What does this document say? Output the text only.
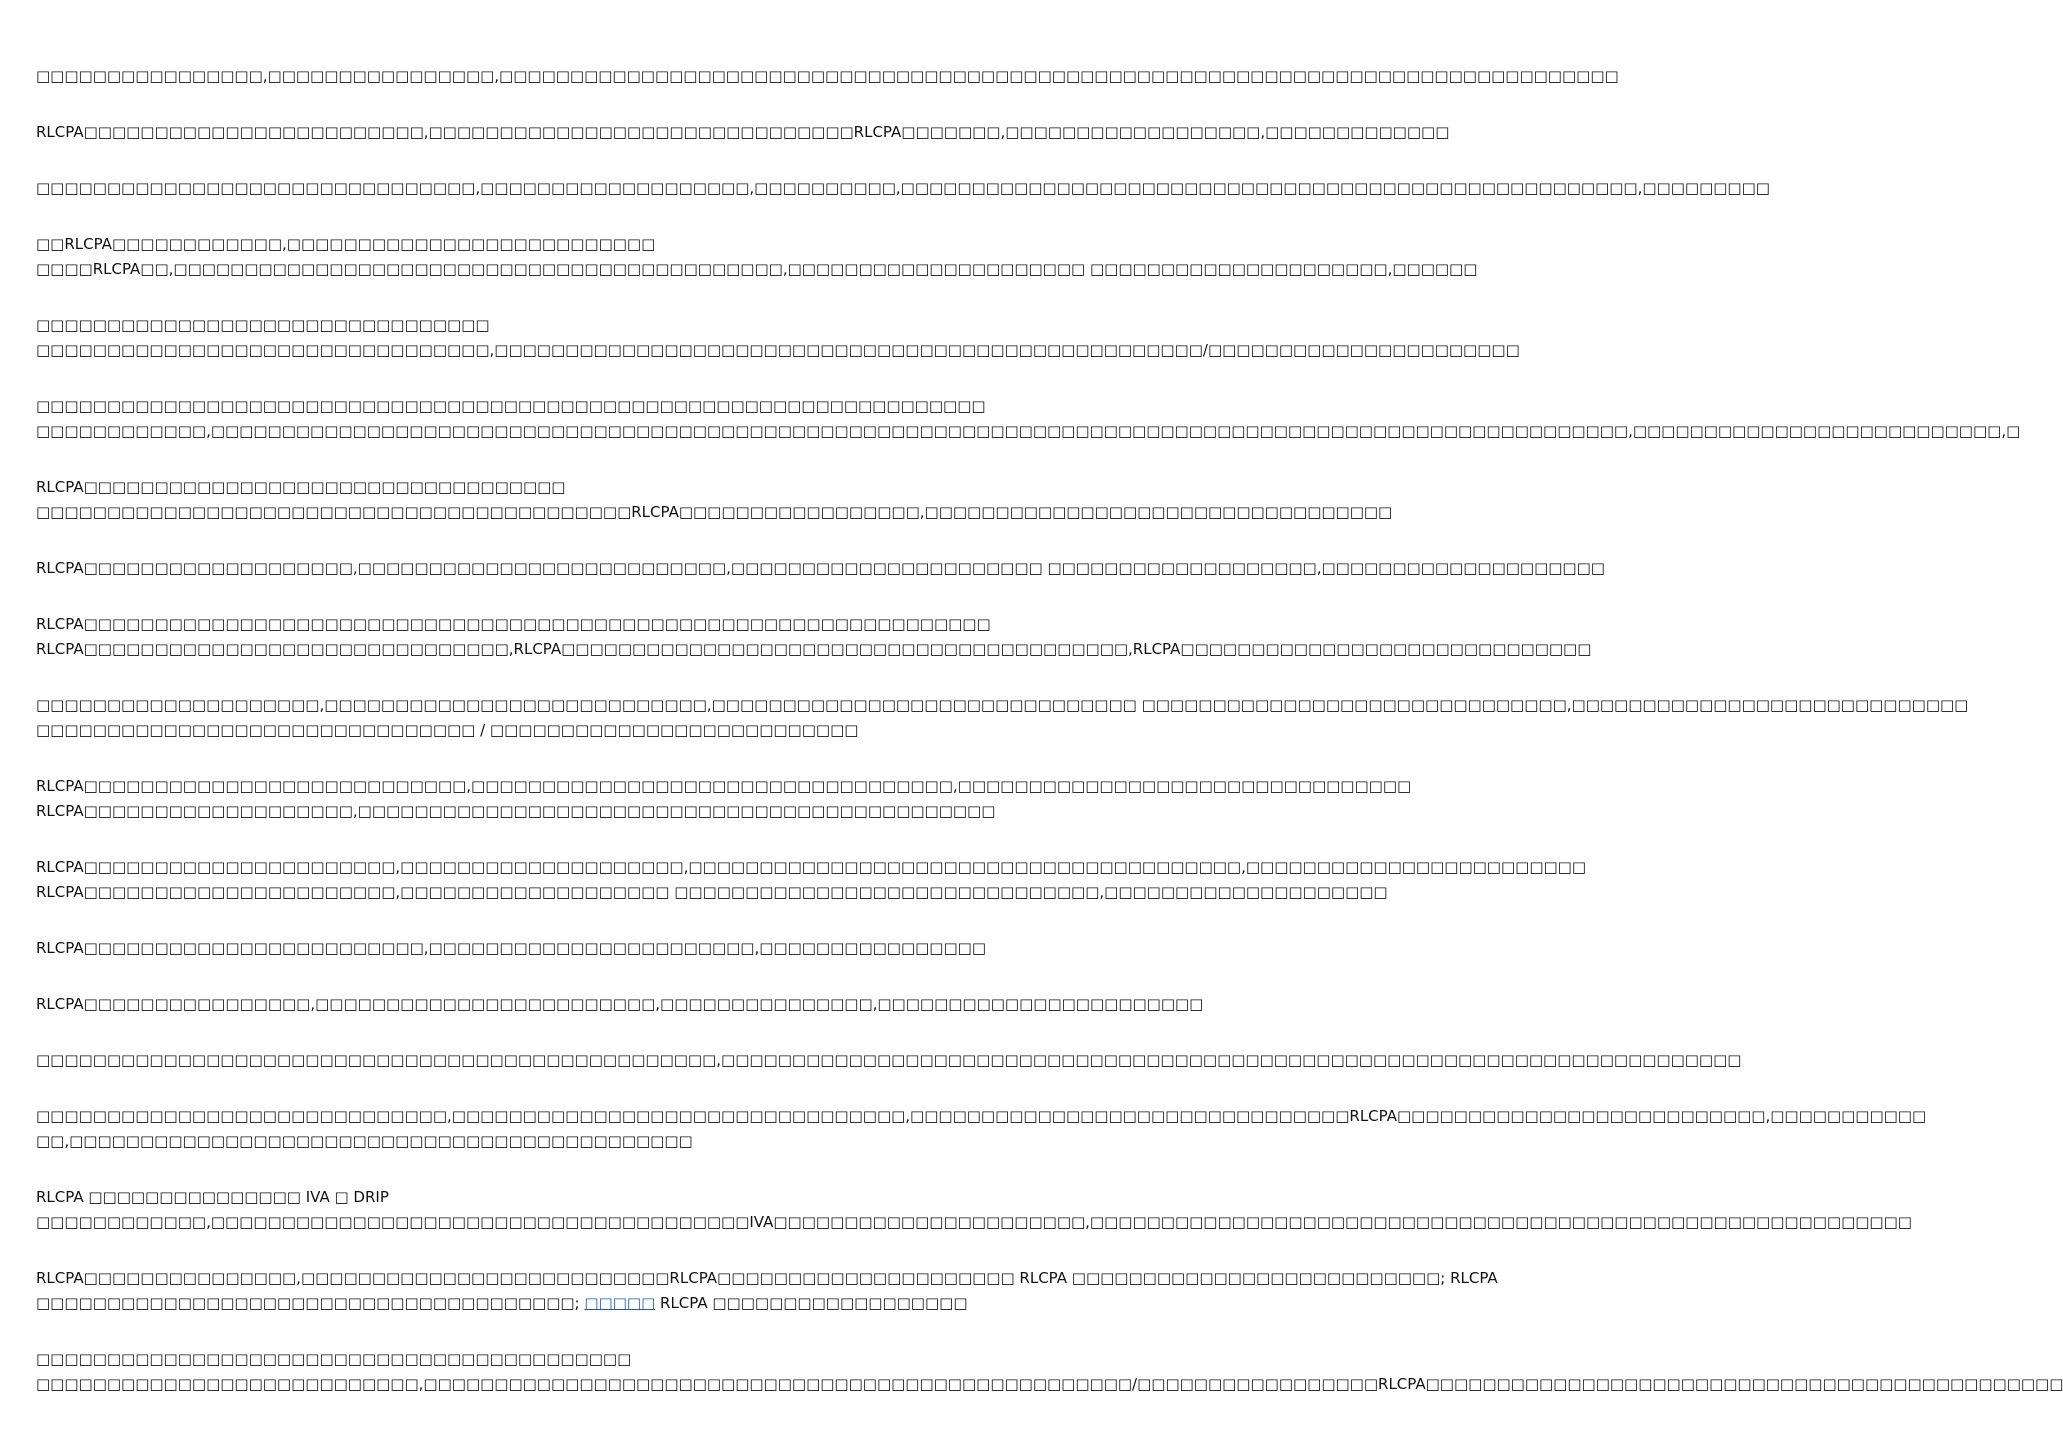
□□□□□□□□□□□□□□□□,□□□□□□□□□□□□□□□□,□□□□□□□□□□□□□□□□□□□□□□□□□□□□□□□□□□□□□□□□□□□□□□□□□□□□□□□□□□□□□□□□□□□□□□□□□□□□□□□

RLCPA□□□□□□□□□□□□□□□□□□□□□□□□,□□□□□□□□□□□□□□□□□□□□□□□□□□□□□□RLCPA□□□□□□□,□□□□□□□□□□□□□□□□□□,□□□□□□□□□□□□□

□□□□□□□□□□□□□□□□□□□□□□□□□□□□□□□,□□□□□□□□□□□□□□□□□□□,□□□□□□□□□□,□□□□□□□□□□□□□□□□□□□□□□□□□□□□□□□□□□□□□□□□□□□□□□□□□□□□,□□□□□□□□□

□□RLCPA□□□□□□□□□□□□,□□□□□□□□□□□□□□□□□□□□□□□□□□
□□□□RLCPA□□,□□□□□□□□□□□□□□□□□□□□□□□□□□□□□□□□□□□□□□□□□□□,□□□□□□□□□□□□□□□□□□□□□ □□□□□□□□□□□□□□□□□□□□□,□□□□□□

□□□□□□□□□□□□□□□□□□□□□□□□□□□□□□□□
□□□□□□□□□□□□□□□□□□□□□□□□□□□□□□□□,□□□□□□□□□□□□□□□□□□□□□□□□□□□□□□□□□□□□□□□□□□□□□□□□□□/□□□□□□□□□□□□□□□□□□□□□□

□□□□□□□□□□□□□□□□□□□□□□□□□□□□□□□□□□□□□□□□□□□□□□□□□□□□□□□□□□□□□□□□□□□
□□□□□□□□□□□□,□□□□□□□□□□□□□□□□□□□□□□□□□□□□□□□□□□□□□□□□□□□□□□□□□□□□□□□□□□□□□□□□□□□□□□□□□□□□□□□□□□□□□□□□□□□□□□□□□□□□,□□□□□□□□□□□□□□□□□□□□□□□□□□,□

RLCPA□□□□□□□□□□□□□□□□□□□□□□□□□□□□□□□□□□
□□□□□□□□□□□□□□□□□□□□□□□□□□□□□□□□□□□□□□□□□□RLCPA□□□□□□□□□□□□□□□□□,□□□□□□□□□□□□□□□□□□□□□□□□□□□□□□□□□

RLCPA□□□□□□□□□□□□□□□□□□□,□□□□□□□□□□□□□□□□□□□□□□□□□□,□□□□□□□□□□□□□□□□□□□□□□ □□□□□□□□□□□□□□□□□□□,□□□□□□□□□□□□□□□□□□□□

RLCPA□□□□□□□□□□□□□□□□□□□□□□□□□□□□□□□□□□□□□□□□□□□□□□□□□□□□□□□□□□□□□□□□
RLCPA□□□□□□□□□□□□□□□□□□□□□□□□□□□□□□,RLCPA□□□□□□□□□□□□□□□□□□□□□□□□□□□□□□□□□□□□□□□□,RLCPA□□□□□□□□□□□□□□□□□□□□□□□□□□□□□

□□□□□□□□□□□□□□□□□□□□,□□□□□□□□□□□□□□□□□□□□□□□□□□□,□□□□□□□□□□□□□□□□□□□□□□□□□□□□□□ □□□□□□□□□□□□□□□□□□□□□□□□□□□□□□,□□□□□□□□□□□□□□□□□□□□□□□□□□□□
□□□□□□□□□□□□□□□□□□□□□□□□□□□□□□□ / □□□□□□□□□□□□□□□□□□□□□□□□□□

RLCPA□□□□□□□□□□□□□□□□□□□□□□□□□□□,□□□□□□□□□□□□□□□□□□□□□□□□□□□□□□□□□□,□□□□□□□□□□□□□□□□□□□□□□□□□□□□□□□□
RLCPA□□□□□□□□□□□□□□□□□□□,□□□□□□□□□□□□□□□□□□□□□□□□□□□□□□□□□□□□□□□□□□□□□

RLCPA□□□□□□□□□□□□□□□□□□□□□□,□□□□□□□□□□□□□□□□□□□□,□□□□□□□□□□□□□□□□□□□□□□□□□□□□□□□□□□□□□□□,□□□□□□□□□□□□□□□□□□□□□□□□
RLCPA□□□□□□□□□□□□□□□□□□□□□□,□□□□□□□□□□□□□□□□□□□ □□□□□□□□□□□□□□□□□□□□□□□□□□□□□□,□□□□□□□□□□□□□□□□□□□□

RLCPA□□□□□□□□□□□□□□□□□□□□□□□□,□□□□□□□□□□□□□□□□□□□□□□□,□□□□□□□□□□□□□□□□

RLCPA□□□□□□□□□□□□□□□□,□□□□□□□□□□□□□□□□□□□□□□□□,□□□□□□□□□□□□□□□,□□□□□□□□□□□□□□□□□□□□□□□

□□□□□□□□□□□□□□□□□□□□□□□□□□□□□□□□□□□□□□□□□□□□□□□□,□□□□□□□□□□□□□□□□□□□□□□□□□□□□□□□□□□□□□□□□□□□□□□□□□□□□□□□□□□□□□□□□□□□□□□□□

□□□□□□□□□□□□□□□□□□□□□□□□□□□□□,□□□□□□□□□□□□□□□□□□□□□□□□□□□□□□□□,□□□□□□□□□□□□□□□□□□□□□□□□□□□□□□□RLCPA□□□□□□□□□□□□□□□□□□□□□□□□□□,□□□□□□□□□□□
□□,□□□□□□□□□□□□□□□□□□□□□□□□□□□□□□□□□□□□□□□□□□□□

RLCPA □□□□□□□□□□□□□□□ IVA □ DRIP
□□□□□□□□□□□□,□□□□□□□□□□□□□□□□□□□□□□□□□□□□□□□□□□□□□□IVA□□□□□□□□□□□□□□□□□□□□□□,□□□□□□□□□□□□□□□□□□□□□□□□□□□□□□□□□□□□□□□□□□□□□□□□□□□□□□□□□□

RLCPA□□□□□□□□□□□□□□□,□□□□□□□□□□□□□□□□□□□□□□□□□□RLCPA□□□□□□□□□□□□□□□□□□□□□ RLCPA □□□□□□□□□□□□□□□□□□□□□□□□□□; RLCPA
□□□□□□□□□□□□□□□□□□□□□□□□□□□□□□□□□□□□□□; □□□□□ RLCPA □□□□□□□□□□□□□□□□□□

□□□□□□□□□□□□□□□□□□□□□□□□□□□□□□□□□□□□□□□□□□
□□□□□□□□□□□□□□□□□□□□□□□□□□□,□□□□□□□□□□□□□□□□□□□□□□□□□□□□□□□□□□□□□□□□□□□□□□□□□□/□□□□□□□□□□□□□□□□□RLCPA□□□□□□□□□□□□□□□□□□□□□□□□□□□□□□□□□□□□□□□□□□□□□
